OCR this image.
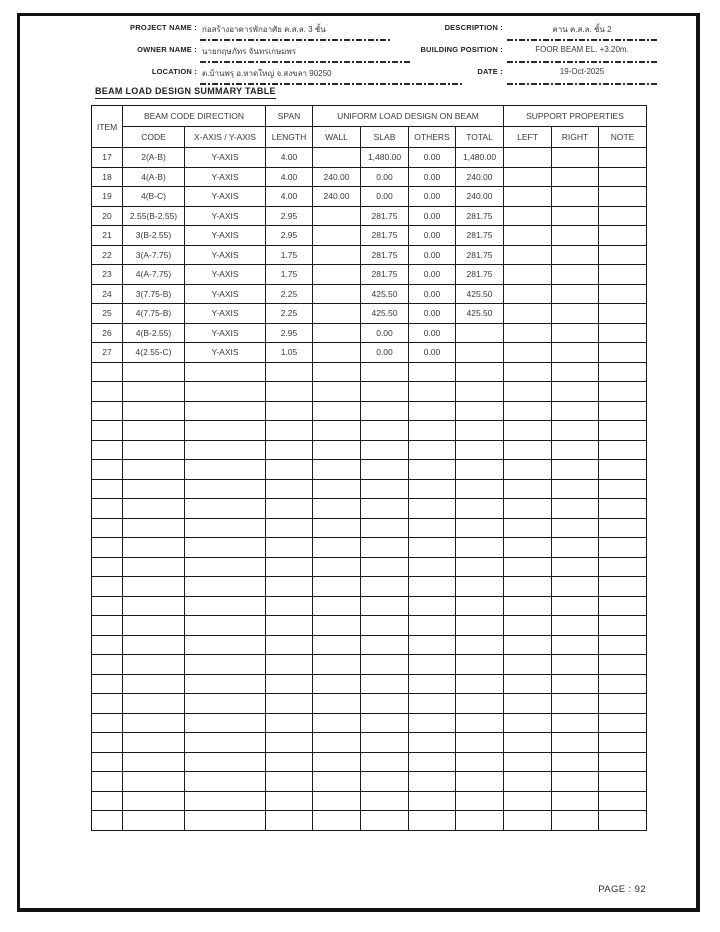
PROJECT NAME : ก่อสร้างอาคารพักอาศัย ค.ส.ล. 3 ชั้น
OWNER NAME : นายกฤษภัทร จันทรเกษมพร
LOCATION : ต.บ้านพรุ อ.หาดใหญ่ จ.สงขลา 90250
DESCRIPTION :	คาน ค.ส.ล. ชั้น 2
BUILDING POSITION :	FOOR BEAM EL. +3.20m.
DATE :	19-Oct-2025
BEAM LOAD DESIGN SUMMARY TABLE
ITEM	BEAM CODE DIRECTION		SPAN	UNIFORM LOAD DESIGN ON BEAM				SUPPORT PROPERTIES		
	CODE	X-AXIS / Y-AXIS	LENGTH	WALL	SLAB	OTHERS	TOTAL	LEFT	RIGHT	NOTE
17	2(A-B)	Y-AXIS	4.00		1,480.00	0.00	1,480.00			
18	4(A-B)	Y-AXIS	4.00	240.00	0.00	0.00	240.00			
19	4(B-C)	Y-AXIS	4.00	240.00	0.00	0.00	240.00			
20	2.55(B-2.55)	Y-AXIS	2.95		281.75	0.00	281.75			
21	3(B-2.55)	Y-AXIS	2.95		281.75	0.00	281.75			
22	3(A-7.75)	Y-AXIS	1.75		281.75	0.00	281.75			
23	4(A-7.75)	Y-AXIS	1.75		281.75	0.00	281.75			
24	3(7.75-B)	Y-AXIS	2.25		425.50	0.00	425.50			
25	4(7.75-B)	Y-AXIS	2.25		425.50	0.00	425.50			
26	4(B-2.55)	Y-AXIS	2.95		0.00	0.00				
27	4(2.55-C)	Y-AXIS	1.05		0.00	0.00				

PAGE : 92
